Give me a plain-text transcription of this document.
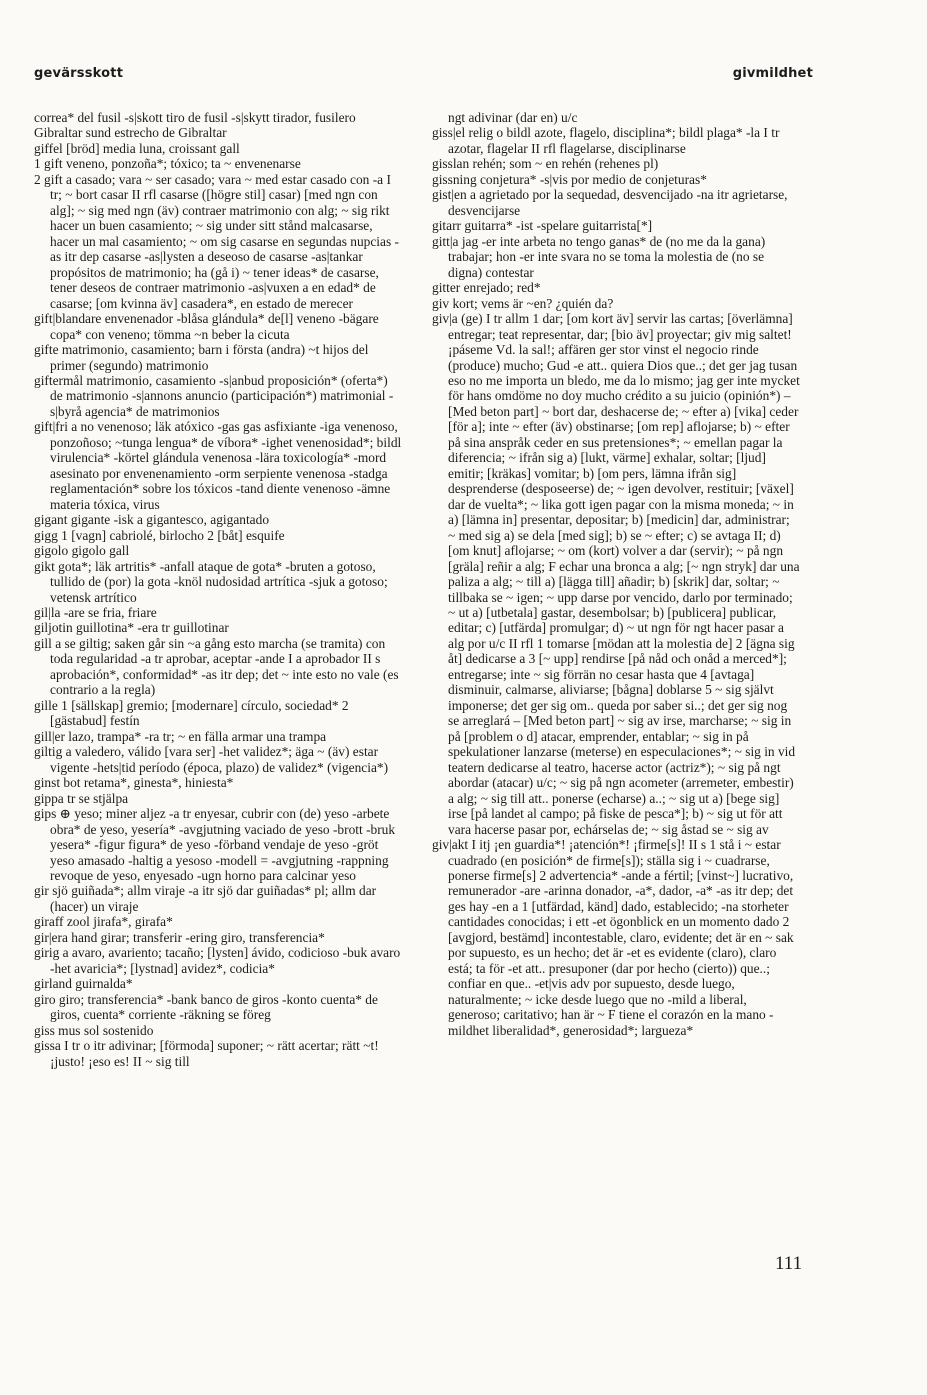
gevärsskott	givmildhet

correa* del fusil -s|skott tiro de fusil -s|skytt tirador, fusilero

Gibraltar sund estrecho de Gibraltar

giffel [bröd] media luna, croissant gall

1 gift veneno, ponzoña*; tóxico; ta ~ envenenarse

2 gift a casado; vara ~ ser casado; vara ~ med estar casado con -a I tr; ~ bort casar II rfl casarse ([högre stil] casar) [med ngn con alg]; ~ sig med ngn (äv) contraer matrimonio con alg; ~ sig rikt hacer un buen casamiento; ~ sig under sitt stånd malcasarse, hacer un mal casamiento; ~ om sig casarse en segundas nupcias -as itr dep casarse -as|lysten a deseoso de casarse -as|tankar propósitos de matrimonio; ha (gå i) ~ tener ideas* de casarse, tener deseos de contraer matrimonio -as|vuxen a en edad* de casarse; [om kvinna äv] casadera*, en estado de merecer

gift|blandare envenenador -blåsa glándula* de[l] veneno -bägare copa* con veneno; tömma ~n beber la cicuta

gifte matrimonio, casamiento; barn i första (andra) ~t hijos del primer (segundo) matrimonio

giftermål matrimonio, casamiento -s|anbud proposición* (oferta*) de matrimonio -s|annons anuncio (participación*) matrimonial -s|byrå agencia* de matrimonios

gift|fri a no venenoso; läk atóxico -gas gas asfixiante -iga venenoso, ponzoñoso; ~tunga lengua* de víbora* -ighet venenosidad*; bildl virulencia* -körtel glándula venenosa -lära toxicología* -mord asesinato por envenenamiento -orm serpiente venenosa -stadga reglamentación* sobre los tóxicos -tand diente venenoso -ämne materia tóxica, virus

gigant gigante -isk a gigantesco, agigantado

gigg 1 [vagn] cabriolé, birlocho 2 [båt] esquife

gigolo gigolo gall

gikt gota*; läk artritis* -anfall ataque de gota* -bruten a gotoso, tullido de (por) la gota -knöl nudosidad artrítica -sjuk a gotoso; vetensk artrítico

gil|la -are se fria, friare

giljotin guillotina* -era tr guillotinar

gill a se giltig; saken går sin ~a gång esto marcha (se tramita) con toda regularidad -a tr aprobar, aceptar -ande I a aprobador II s aprobación*, conformidad* -as itr dep; det ~ inte esto no vale (es contrario a la regla)

gille 1 [sällskap] gremio; [modernare] círculo, sociedad* 2 [gästabud] festín

gill|er lazo, trampa* -ra tr; ~ en fälla armar una trampa

giltig a valedero, válido [vara ser] -het validez*; äga ~ (äv) estar vigente -hets|tid período (época, plazo) de validez* (vigencia*)

ginst bot retama*, ginesta*, hiniesta*

gippa tr se stjälpa

gips ⊕ yeso; miner aljez -a tr enyesar, cubrir con (de) yeso -arbete obra* de yeso, yesería* -avgjutning vaciado de yeso -brott -bruk yesera* -figur figura* de yeso -förband vendaje de yeso -gröt yeso amasado -haltig a yesoso -modell = -avgjutning -rappning revoque de yeso, enyesado -ugn horno para calcinar yeso

gir sjö guiñada*; allm viraje -a itr sjö dar guiñadas* pl; allm dar (hacer) un viraje

giraff zool jirafa*, girafa*

gir|era hand girar; transferir -ering giro, transferencia*

girig a avaro, avariento; tacaño; [lysten] ávido, codicioso -buk avaro -het avaricia*; [lystnad] avidez*, codicia*

girland guirnalda*

giro giro; transferencia* -bank banco de giros -konto cuenta* de giros, cuenta* corriente -räkning se föreg

giss mus sol sostenido

gissa I tr o itr adivinar; [förmoda] suponer; ~ rätt acertar; rätt ~t! ¡justo! ¡eso es! II ~ sig till

ngt adivinar (dar en) u/c

giss|el relig o bildl azote, flagelo, disciplina*; bildl plaga* -la I tr azotar, flagelar II rfl flagelarse, disciplinarse

gisslan rehén; som ~ en rehén (rehenes pl)

gissning conjetura* -s|vis por medio de conjeturas*

gist|en a agrietado por la sequedad, desvencijado -na itr agrietarse, desvencijarse

gitarr guitarra* -ist -spelare guitarrista[*]

gitt|a jag -er inte arbeta no tengo ganas* de (no me da la gana) trabajar; hon -er inte svara no se toma la molestia de (no se digna) contestar

gitter enrejado; red*

giv kort; vems är ~en? ¿quién da?

giv|a (ge) I tr allm 1 dar; [om kort äv] servir las cartas; [överlämna] entregar; teat representar, dar; [bio äv] proyectar; giv mig saltet! ¡páseme Vd. la sal!; affären ger stor vinst el negocio rinde (produce) mucho; Gud -e att.. quiera Dios que..; det ger jag tusan eso no me importa un bledo, me da lo mismo; jag ger inte mycket för hans omdöme no doy mucho crédito a su juicio (opinión*) – [Med beton part] ~ bort dar, deshacerse de; ~ efter a) [vika] ceder [för a]; inte ~ efter (äv) obstinarse; [om rep] aflojarse; b) ~ efter på sina anspråk ceder en sus pretensiones*; ~ emellan pagar la diferencia; ~ ifrån sig a) [lukt, värme] exhalar, soltar; [ljud] emitir; [kräkas] vomitar; b) [om pers, lämna ifrån sig] desprenderse (desposeerse) de; ~ igen devolver, restituir; [växel] dar de vuelta*; ~ lika gott igen pagar con la misma moneda; ~ in a) [lämna in] presentar, depositar; b) [medicin] dar, administrar; ~ med sig a) se dela [med sig]; b) se ~ efter; c) se avtaga II; d) [om knut] aflojarse; ~ om (kort) volver a dar (servir); ~ på ngn [gräla] reñir a alg; F echar una bronca a alg; [~ ngn stryk] dar una paliza a alg; ~ till a) [lägga till] añadir; b) [skrik] dar, soltar; ~ tillbaka se ~ igen; ~ upp darse por vencido, darlo por terminado; ~ ut a) [utbetala] gastar, desembolsar; b) [publicera] publicar, editar; c) [utfärda] promulgar; d) ~ ut ngn för ngt hacer pasar a alg por u/c II rfl 1 tomarse [mödan att la molestia de] 2 [ägna sig åt] dedicarse a 3 [~ upp] rendirse [på nåd och onåd a merced*]; entregarse; inte ~ sig förrän no cesar hasta que 4 [avtaga] disminuir, calmarse, aliviarse; [bågna] doblarse 5 ~ sig självt imponerse; det ger sig om.. queda por saber si..; det ger sig nog se arreglará – [Med beton part] ~ sig av irse, marcharse; ~ sig in på [problem o d] atacar, emprender, entablar; ~ sig in på spekulationer lanzarse (meterse) en especulaciones*; ~ sig in vid teatern dedicarse al teatro, hacerse actor (actriz*); ~ sig på ngt abordar (atacar) u/c; ~ sig på ngn acometer (arremeter, embestir) a alg; ~ sig till att.. ponerse (echarse) a..; ~ sig ut a) [bege sig] irse [på landet al campo; på fiske de pesca*]; b) ~ sig ut för att vara hacerse pasar por, echárselas de; ~ sig åstad se ~ sig av

giv|akt I itj ¡en guardia*! ¡atención*! ¡firme[s]! II s 1 stå i ~ estar cuadrado (en posición* de firme[s]); ställa sig i ~ cuadrarse, ponerse firme[s] 2 advertencia* -ande a fértil; [vinst~] lucrativo, remunerador -are -arinna donador, -a*, dador, -a* -as itr dep; det ges hay -en a 1 [utfärdad, känd] dado, establecido; -na storheter cantidades conocidas; i ett -et ögonblick en un momento dado 2 [avgjord, bestämd] incontestable, claro, evidente; det är en ~ sak por supuesto, es un hecho; det är -et es evidente (claro), claro está; ta för -et att.. presuponer (dar por hecho (cierto)) que..; confiar en que.. -et|vis adv por supuesto, desde luego, naturalmente; ~ icke desde luego que no -mild a liberal, generoso; caritativo; han är ~ F tiene el corazón en la mano -mildhet liberalidad*, generosidad*; largueza*

111
